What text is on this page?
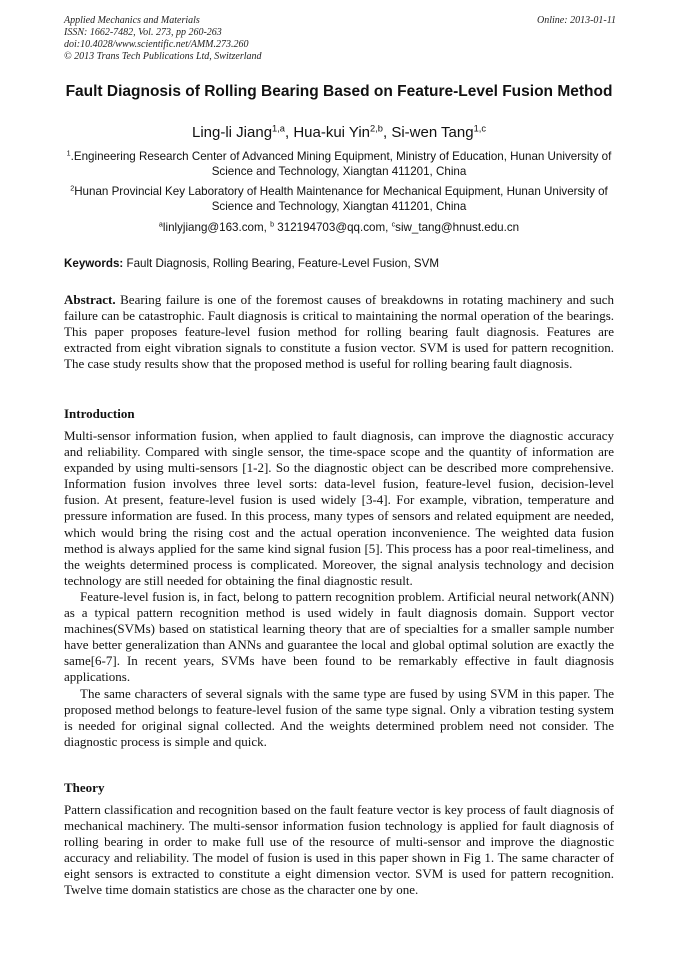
Applied Mechanics and Materials
ISSN: 1662-7482, Vol. 273, pp 260-263
doi:10.4028/www.scientific.net/AMM.273.260
© 2013 Trans Tech Publications Ltd, Switzerland
Online: 2013-01-11
Fault Diagnosis of Rolling Bearing Based on Feature-Level Fusion Method
Ling-li Jiang$^{1,a}$, Hua-kui Yin$^{2,b}$, Si-wen Tang$^{1,c}$
$^1$.Engineering Research Center of Advanced Mining Equipment, Ministry of Education, Hunan University of Science and Technology, Xiangtan 411201, China
$^2$Hunan Provincial Key Laboratory of Health Maintenance for Mechanical Equipment, Hunan University of Science and Technology, Xiangtan 411201, China
$^a$linlyjiang@163.com, $^b$ 312194703@qq.com, $^c$siw_tang@hnust.edu.cn
Keywords: Fault Diagnosis, Rolling Bearing, Feature-Level Fusion, SVM
Abstract. Bearing failure is one of the foremost causes of breakdowns in rotating machinery and such failure can be catastrophic. Fault diagnosis is critical to maintaining the normal operation of the bearings. This paper proposes feature-level fusion method for rolling bearing fault diagnosis. Features are extracted from eight vibration signals to constitute a fusion vector. SVM is used for pattern recognition. The case study results show that the proposed method is useful for rolling bearing fault diagnosis.
Introduction

Multi-sensor information fusion, when applied to fault diagnosis, can improve the diagnostic accuracy and reliability. Compared with single sensor, the time-space scope and the quantity of information are expanded by using multi-sensors [1-2]. So the diagnostic object can be described more comprehensive. Information fusion involves three level sorts: data-level fusion, feature-level fusion, decision-level fusion. At present, feature-level fusion is used widely [3-4]. For example, vibration, temperature and pressure information are fused. In this process, many types of sensors and related equipment are needed, which would bring the rising cost and the actual operation inconvenience. The weighted data fusion method is always applied for the same kind signal fusion [5]. This process has a poor real-timeliness, and the weights determined process is complicated. Moreover, the signal analysis technology and decision technology are still needed for obtaining the final diagnostic result.

Feature-level fusion is, in fact, belong to pattern recognition problem. Artificial neural network(ANN) as a typical pattern recognition method is used widely in fault diagnosis domain. Support vector machines(SVMs) based on statistical learning theory that are of specialties for a smaller sample number have better generalization than ANNs and guarantee the local and global optimal solution are exactly the same[6-7]. In recent years, SVMs have been found to be remarkably effective in fault diagnosis applications.

The same characters of several signals with the same type are fused by using SVM in this paper. The proposed method belongs to feature-level fusion of the same type signal. Only a vibration testing system is needed for original signal collected. And the weights determined problem need not consider. The diagnostic process is simple and quick.

Theory

Pattern classification and recognition based on the fault feature vector is key process of fault diagnosis of mechanical machinery. The multi-sensor information fusion technology is applied for fault diagnosis of rolling bearing in order to make full use of the resource of multi-sensor and improve the diagnostic accuracy and reliability. The model of fusion is used in this paper shown in Fig 1. The same character of eight sensors is extracted to constitute a eight dimension vector. SVM is used for pattern recognition. Twelve time domain statistics are chose as the character one by one.
